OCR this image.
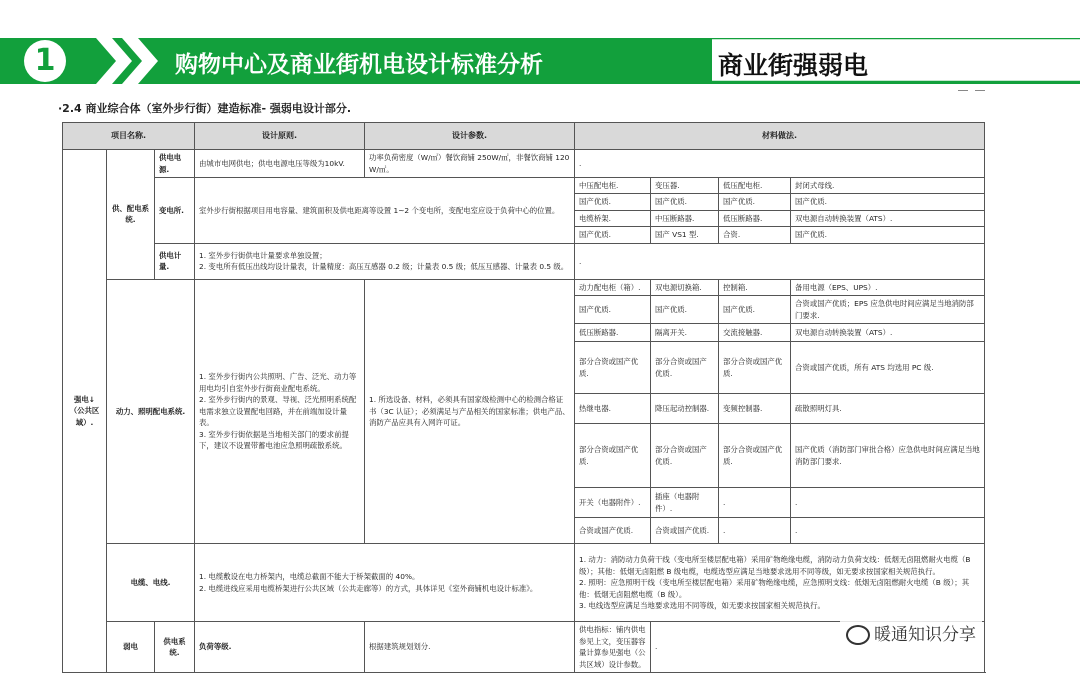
1	购物中心及商业街机电设计标准分析	商业街强弱电
·2.4 商业综合体（室外步行街）建造标准- 强弱电设计部分.
项目名称.			设计原则.	设计参数.	材料做法.			
强电↓（公共区域）.	供、配电系统.	供电电源.	由城市电网供电；供电电源电压等级为10kV.	功率负荷密度（W/㎡）餐饮商铺 250W/㎡，非餐饮商铺 120W/㎡。	.			
		变电所.	室外步行街根据项目用电容量、建筑面积及供电距离等设置 1~2 个变电所，变配电室应设于负荷中心的位置。		中压配电柜.	变压器.	低压配电柜.	封闭式母线.
					国产优质.	国产优质.	国产优质.	国产优质.
					电缆桥架.	中压断路器.	低压断路器.	双电源自动转换装置（ATS）.
					国产优质.	国产 VS1 型.	合资.	国产优质.
		供电计量.	1. 室外步行街供电计量要求单独设置；
2. 变电所有低压出线均设计量表，计量精度：高压互感器 0.2 级；计量表 0.5 级；低压互感器、计量表 0.5 级。		.			
	动力、照明配电系统.		1. 室外步行街内公共照明、广告、泛光、动力等用电均引自室外步行街商业配电系统。
2. 室外步行街内的景观、导视、泛光照明系统配电需求独立设置配电回路，并在前端加设计量表。
3. 室外步行街依据是当地相关部门的要求前提下，建议不设置带蓄电池应急照明疏散系统。	1. 所选设备、材料，必须具有国家级检测中心的检测合格证书（3C 认证）；必须满足与产品相关的国家标准；供电产品、消防产品应具有入网许可证。	动力配电柜（箱）.	双电源切换箱.	控制箱.	备用电源（EPS、UPS）.
					国产优质.	国产优质.	国产优质.	合资或国产优质；EPS 应急供电时间应满足当地消防部门要求.
					低压断路器.	隔离开关.	交流接触器.	双电源自动转换装置（ATS）.
					部分合资或国产优质.	部分合资或国产优质.	部分合资或国产优质.	合资或国产优质，所有 ATS 均选用 PC 级.
					热继电器.	降压起动控制器.	变频控制器.	疏散照明灯具.
					部分合资或国产优质.	部分合资或国产优质.	部分合资或国产优质.	国产优质（消防部门审批合格）应急供电时间应满足当地消防部门要求.
					开关（电器附件）.	插座（电器附件）.	.	.
					合资或国产优质.	合资或国产优质.	.	.
	电缆、电线.		1. 电缆敷设在电力桥架内，电缆总截面不能大于桥架截面的 40%。
2. 电缆进线应采用电缆桥架进行公共区域（公共走廊等）的方式，具体详见《室外商铺机电设计标准》。		1. 动力：消防动力负荷干线（变电所至楼层配电箱）采用矿物绝缘电缆，消防动力负荷支线：低烟无卤阻燃耐火电缆（B 级）；其他：低烟无卤阻燃 B 级电缆，电缆选型应满足当地要求选用不同等级，如无要求按国家相关规范执行。
2. 照明：应急照明干线（变电所至楼层配电箱）采用矿物绝缘电缆，应急照明支线：低烟无卤阻燃耐火电缆（B 级）；其他：低烟无卤阻燃电缆（B 级）。
3. 电线选型应满足当地要求选用不同等级，如无要求按国家相关规范执行。			
	弱电	供电系统.	负荷等级.	根据建筑规划划分.	供电指标：铺内供电参见上文，变压器容量计算参见强电（公共区域）设计参数。	.		
暖通知识分享
